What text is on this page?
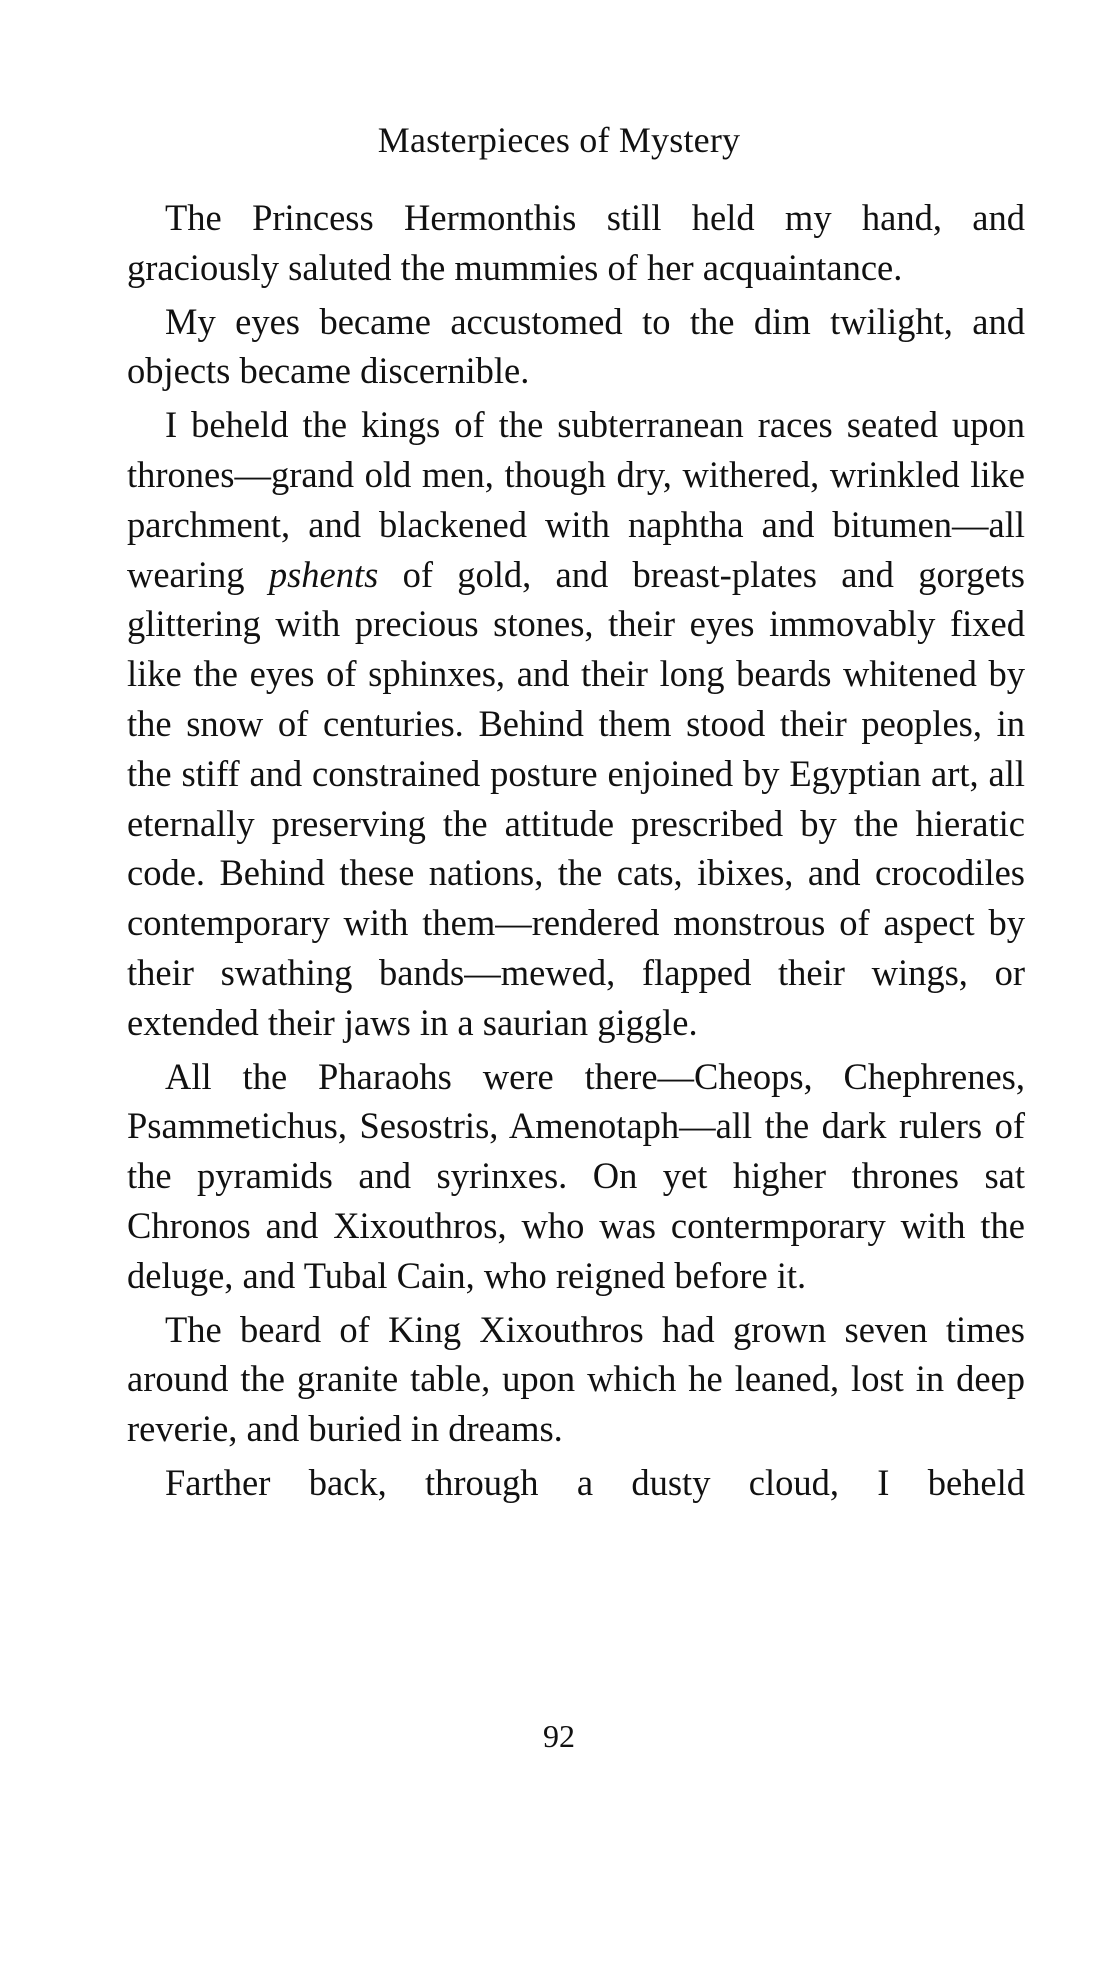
Masterpieces of Mystery

The Princess Hermonthis still held my hand, and graciously saluted the mummies of her acquaintance.

My eyes became accustomed to the dim twilight, and objects became discernible.

I beheld the kings of the subterranean races seated upon thrones—grand old men, though dry, withered, wrinkled like parchment, and blackened with naphtha and bitumen—all wearing pshents of gold, and breast-plates and gorgets glittering with precious stones, their eyes immovably fixed like the eyes of sphinxes, and their long beards whitened by the snow of centuries. Behind them stood their peoples, in the stiff and constrained posture enjoined by Egyptian art, all eternally preserving the attitude prescribed by the hieratic code. Behind these nations, the cats, ibixes, and crocodiles contemporary with them—rendered monstrous of aspect by their swathing bands—mewed, flapped their wings, or extended their jaws in a saurian giggle.

All the Pharaohs were there—Cheops, Chephrenes, Psammetichus, Sesostris, Amenotaph—all the dark rulers of the pyramids and syrinxes. On yet higher thrones sat Chronos and Xixouthros, who was contermporary with the deluge, and Tubal Cain, who reigned before it.

The beard of King Xixouthros had grown seven times around the granite table, upon which he leaned, lost in deep reverie, and buried in dreams.

Farther back, through a dusty cloud, I beheld

92
